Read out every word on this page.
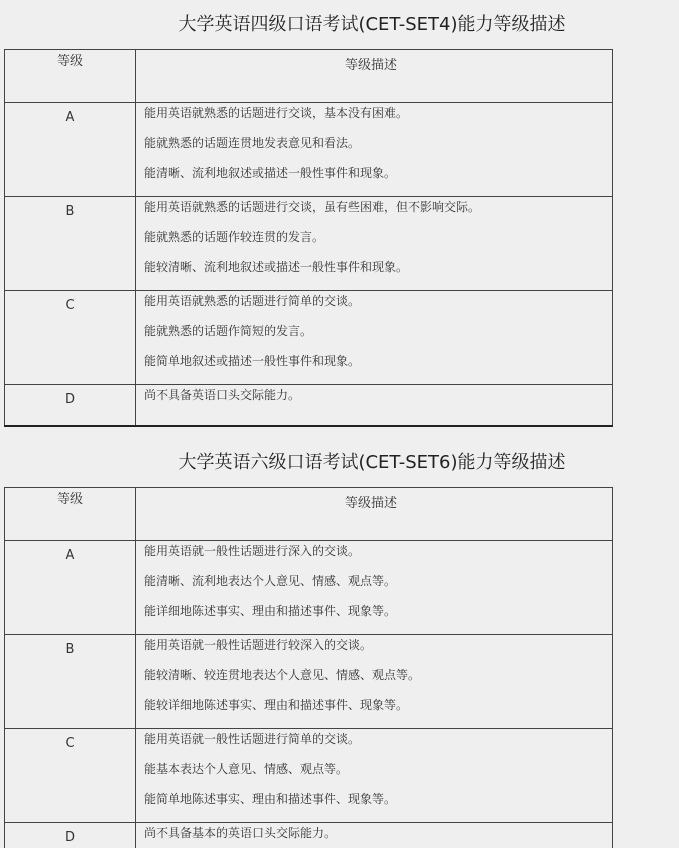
大学英语四级口语考试(CET-SET4)能力等级描述
等级	等级描述

A	能用英语就熟悉的话题进行交谈，基本没有困难。
能就熟悉的话题连贯地发表意见和看法。
能清晰、流利地叙述或描述一般性事件和现象。

B	能用英语就熟悉的话题进行交谈，虽有些困难，但不影响交际。
能就熟悉的话题作较连贯的发言。
能较清晰、流利地叙述或描述一般性事件和现象。

C	能用英语就熟悉的话题进行简单的交谈。
能就熟悉的话题作简短的发言。
能简单地叙述或描述一般性事件和现象。

D	尚不具备英语口头交际能力。
大学英语六级口语考试(CET-SET6)能力等级描述
等级	等级描述

A	能用英语就一般性话题进行深入的交谈。
能清晰、流利地表达个人意见、情感、观点等。
能详细地陈述事实、理由和描述事件、现象等。

B	能用英语就一般性话题进行较深入的交谈。
能较清晰、较连贯地表达个人意见、情感、观点等。
能较详细地陈述事实、理由和描述事件、现象等。

C	能用英语就一般性话题进行简单的交谈。
能基本表达个人意见、情感、观点等。
能简单地陈述事实、理由和描述事件、现象等。

D	尚不具备基本的英语口头交际能力。
